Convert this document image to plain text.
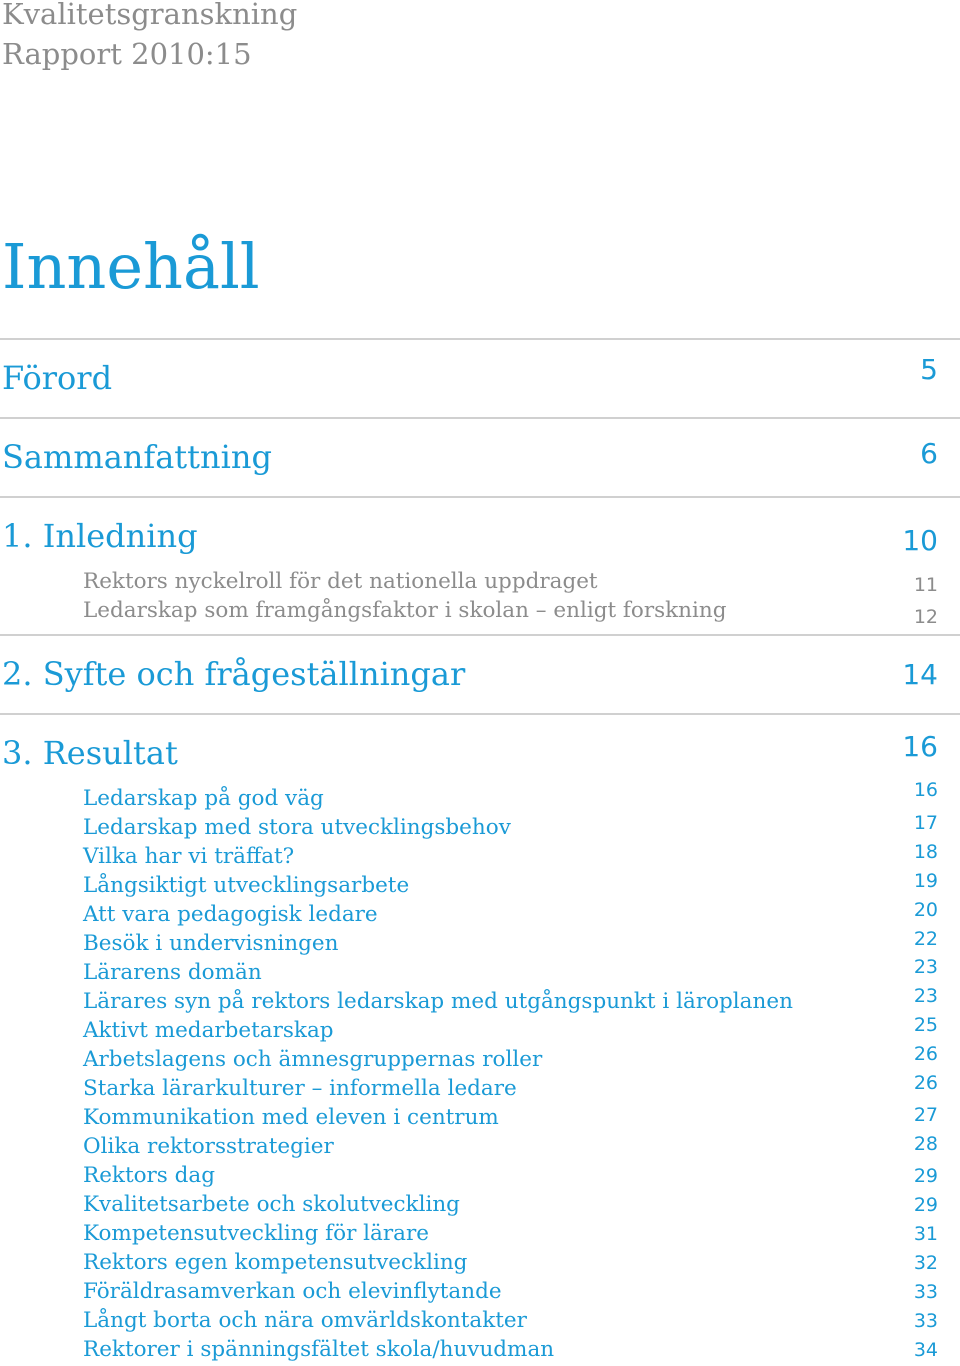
Kvalitetsgranskning
Rapport 2010:15
Innehåll
Förord	5
Sammanfattning	6
1. Inledning	10
Rektors nyckelroll för det nationella uppdraget	11
Ledarskap som framgångsfaktor i skolan – enligt forskning	12
2. Syfte och frågeställningar	14
3. Resultat	16
Ledarskap på god väg	16
Ledarskap med stora utvecklingsbehov	17
Vilka har vi träffat?	18
Långsiktigt utvecklingsarbete	19
Att vara pedagogisk ledare	20
Besök i undervisningen	22
Lärarens domän	23
Lärares syn på rektors ledarskap med utgångspunkt i läroplanen	23
Aktivt medarbetarskap	25
Arbetslagens och ämnesgruppernas roller	26
Starka lärarkulturer – informella ledare	26
Kommunikation med eleven i centrum	27
Olika rektorsstrategier	28
Rektors dag	29
Kvalitetsarbete och skolutveckling	29
Kompetensutveckling för lärare	31
Rektors egen kompetensutveckling	32
Föräldrasamverkan och elevinflytande	33
Långt borta och nära omvärldskontakter	33
Rektorer i spänningsfältet skola/huvudman	34
